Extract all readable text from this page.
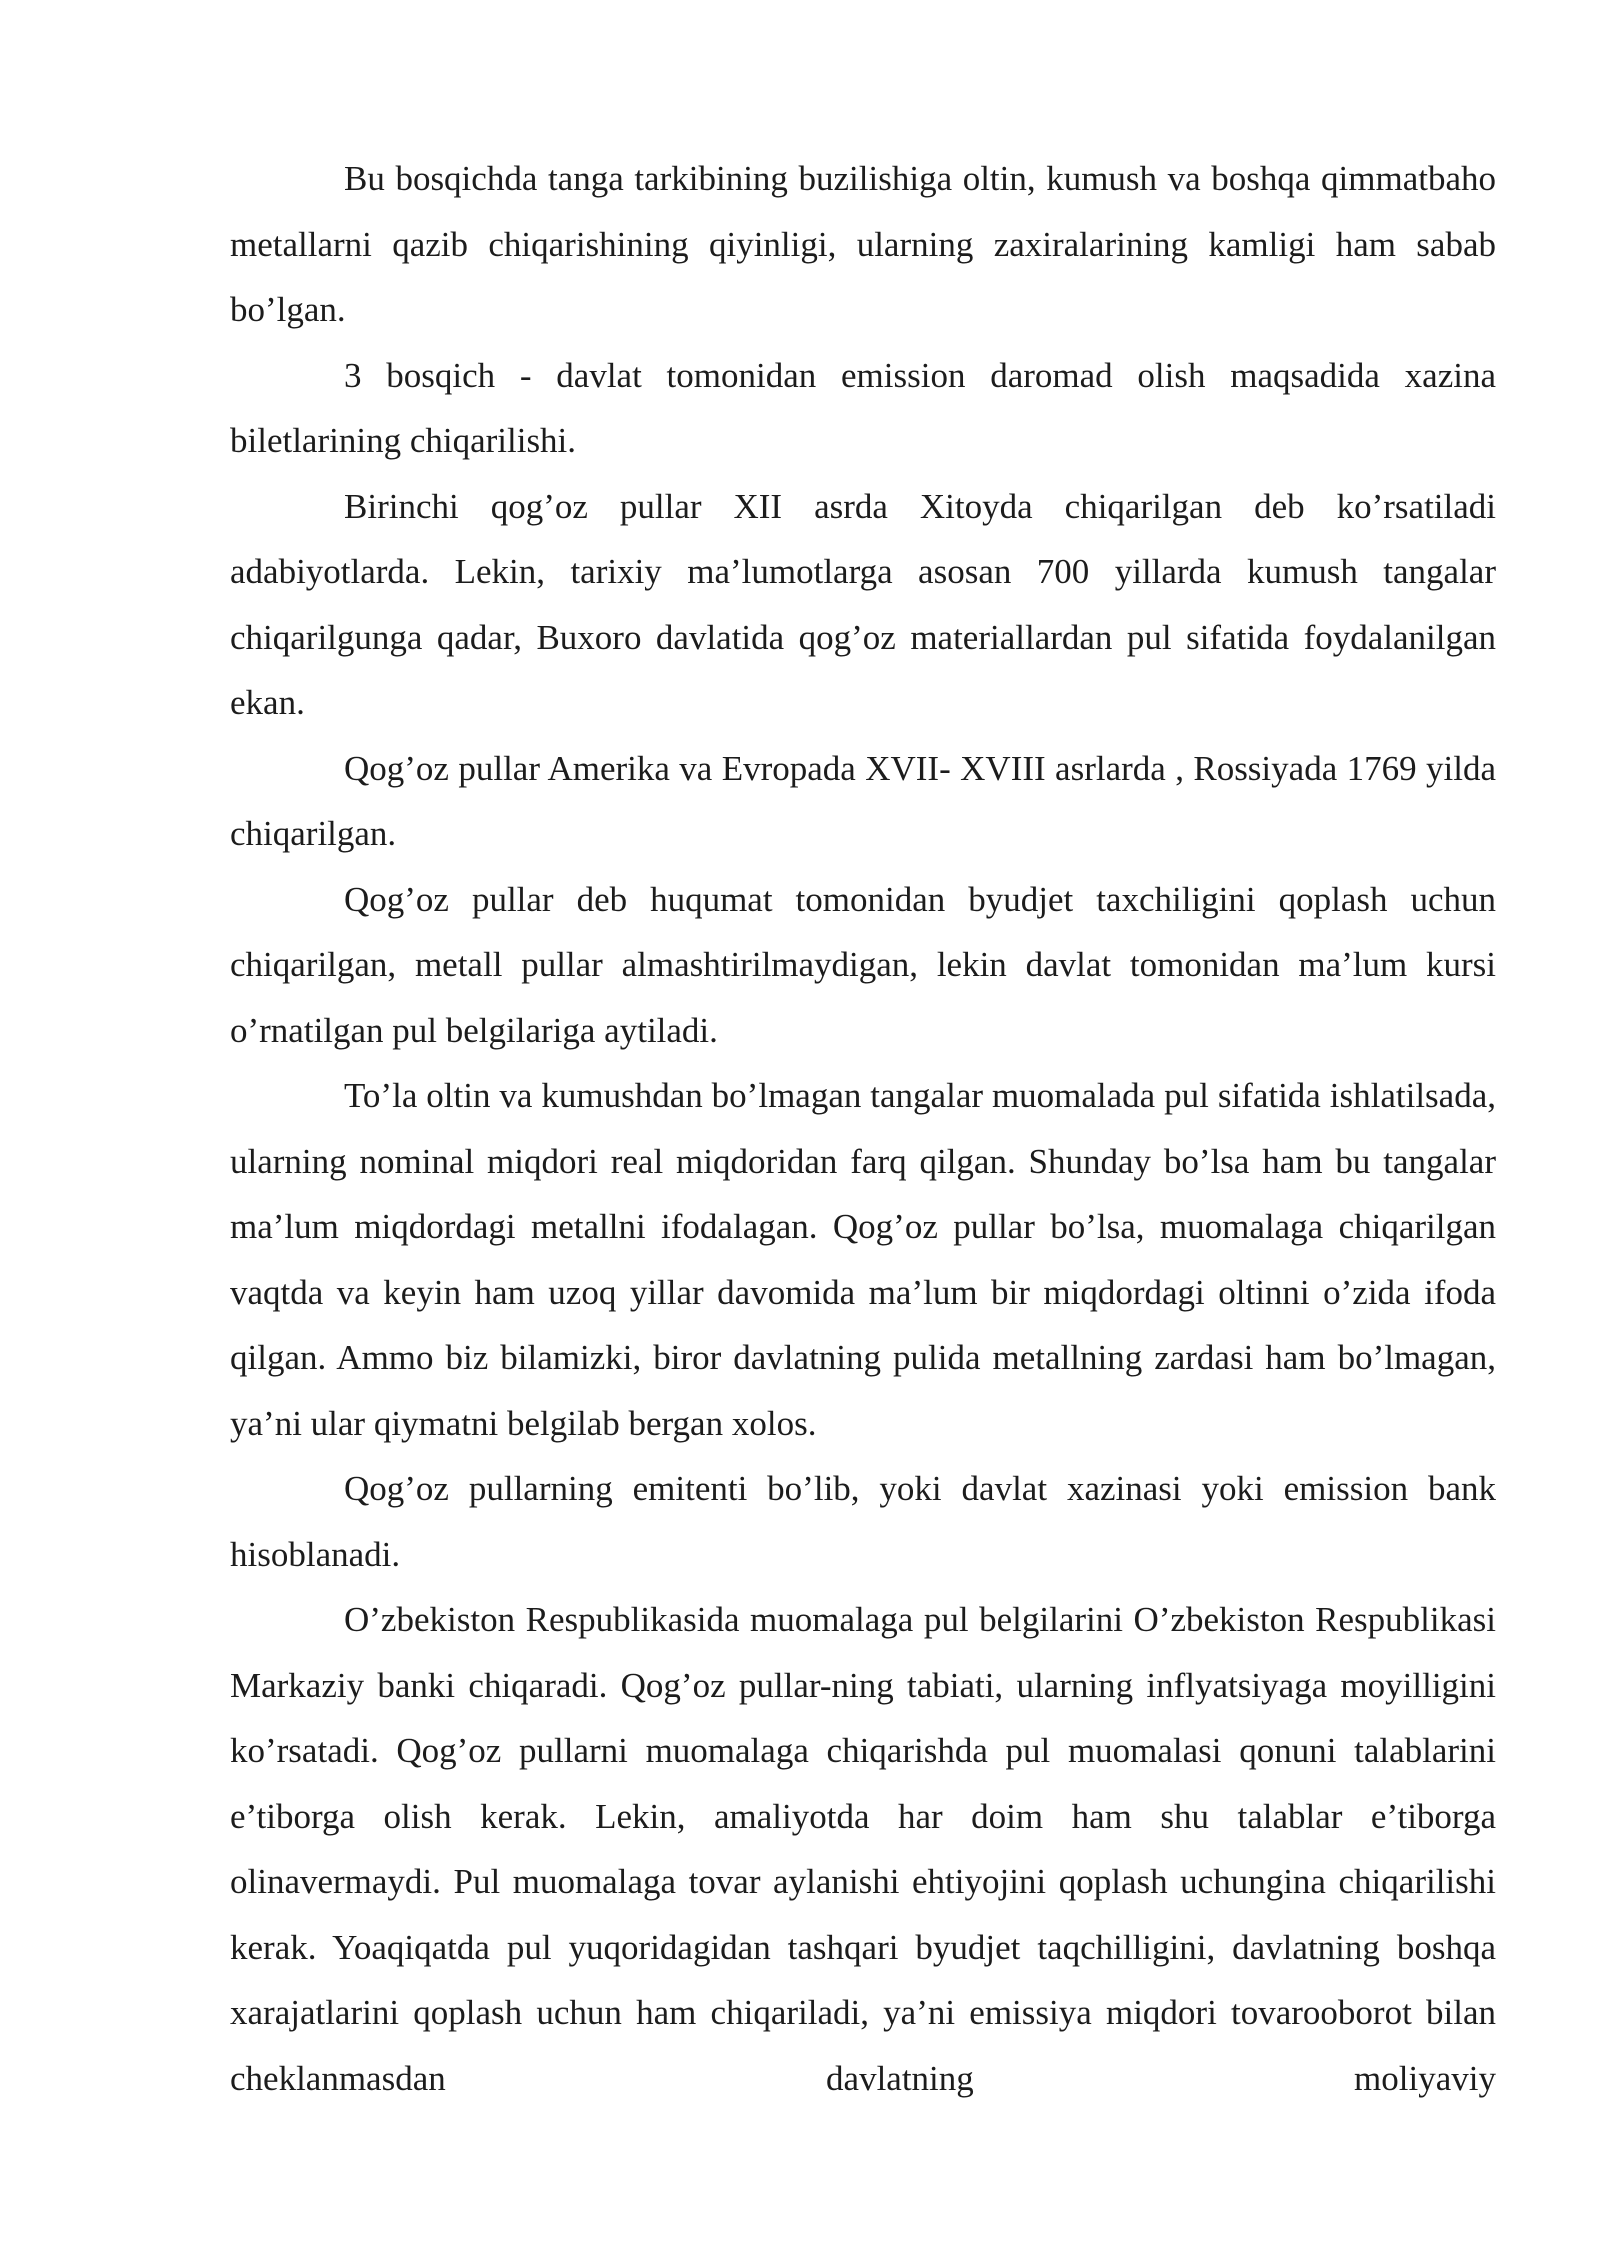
Bu bosqichda tanga tarkibining buzilishiga oltin, kumush va boshqa qimmatbaho metallarni qazib chiqarishining qiyinligi, ularning zaxiralarining kamligi ham sabab bo’lgan.

3 bosqich - davlat tomonidan emission daromad olish maqsadida xazina biletlarining chiqarilishi.

Birinchi qog’oz pullar XII asrda Xitoyda chiqarilgan deb ko’rsatiladi adabiyotlarda. Lekin, tarixiy ma’lumotlarga asosan 700 yillarda kumush tangalar chiqarilgunga qadar, Buxoro davlatida qog’oz materiallardan pul sifatida foydalanilgan ekan.

Qog’oz pullar Amerika va Evropada XVII- XVIII asrlarda , Rossiyada 1769 yilda chiqarilgan.

Qog’oz pullar deb huqumat tomonidan byudjet taxchiligini qoplash uchun chiqarilgan, metall pullar almashtirilmaydigan, lekin davlat tomonidan ma’lum kursi o’rnatilgan pul belgilariga aytiladi.

To’la oltin va kumushdan bo’lmagan tangalar muomalada pul sifatida ishlatilsada, ularning nominal miqdori real miqdoridan farq qilgan. Shunday bo’lsa ham bu tangalar ma’lum miqdordagi metallni ifodalagan. Qog’oz pullar bo’lsa, muomalaga chiqarilgan vaqtda va keyin ham uzoq yillar davomida ma’lum bir miqdordagi oltinni o’zida ifoda qilgan. Ammo biz bilamizki, biror davlatning pulida metallning zardasi ham bo’lmagan, ya’ni ular qiymatni belgilab bergan xolos.

Qog’oz pullarning emitenti bo’lib, yoki davlat xazinasi yoki emission bank hisoblanadi.

O’zbekiston Respublikasida muomalaga pul belgilarini O’zbekiston Respublikasi Markaziy banki chiqaradi. Qog’oz pullar-ning tabiati, ularning inflyatsiyaga moyilligini ko’rsatadi. Qog’oz pullarni muomalaga chiqarishda pul muomalasi qonuni talablarini e’tiborga olish kerak. Lekin, amaliyotda har doim ham shu talablar e’tiborga olinavermaydi. Pul muomalaga tovar aylanishi ehtiyojini qoplash uchungina chiqarilishi kerak. Yoaqiqatda pul yuqoridagidan tashqari byudjet taqchilligini, davlatning boshqa xarajatlarini qoplash uchun ham chiqariladi, ya’ni emissiya miqdori tovarooborot bilan cheklanmasdan davlatning moliyaviy
